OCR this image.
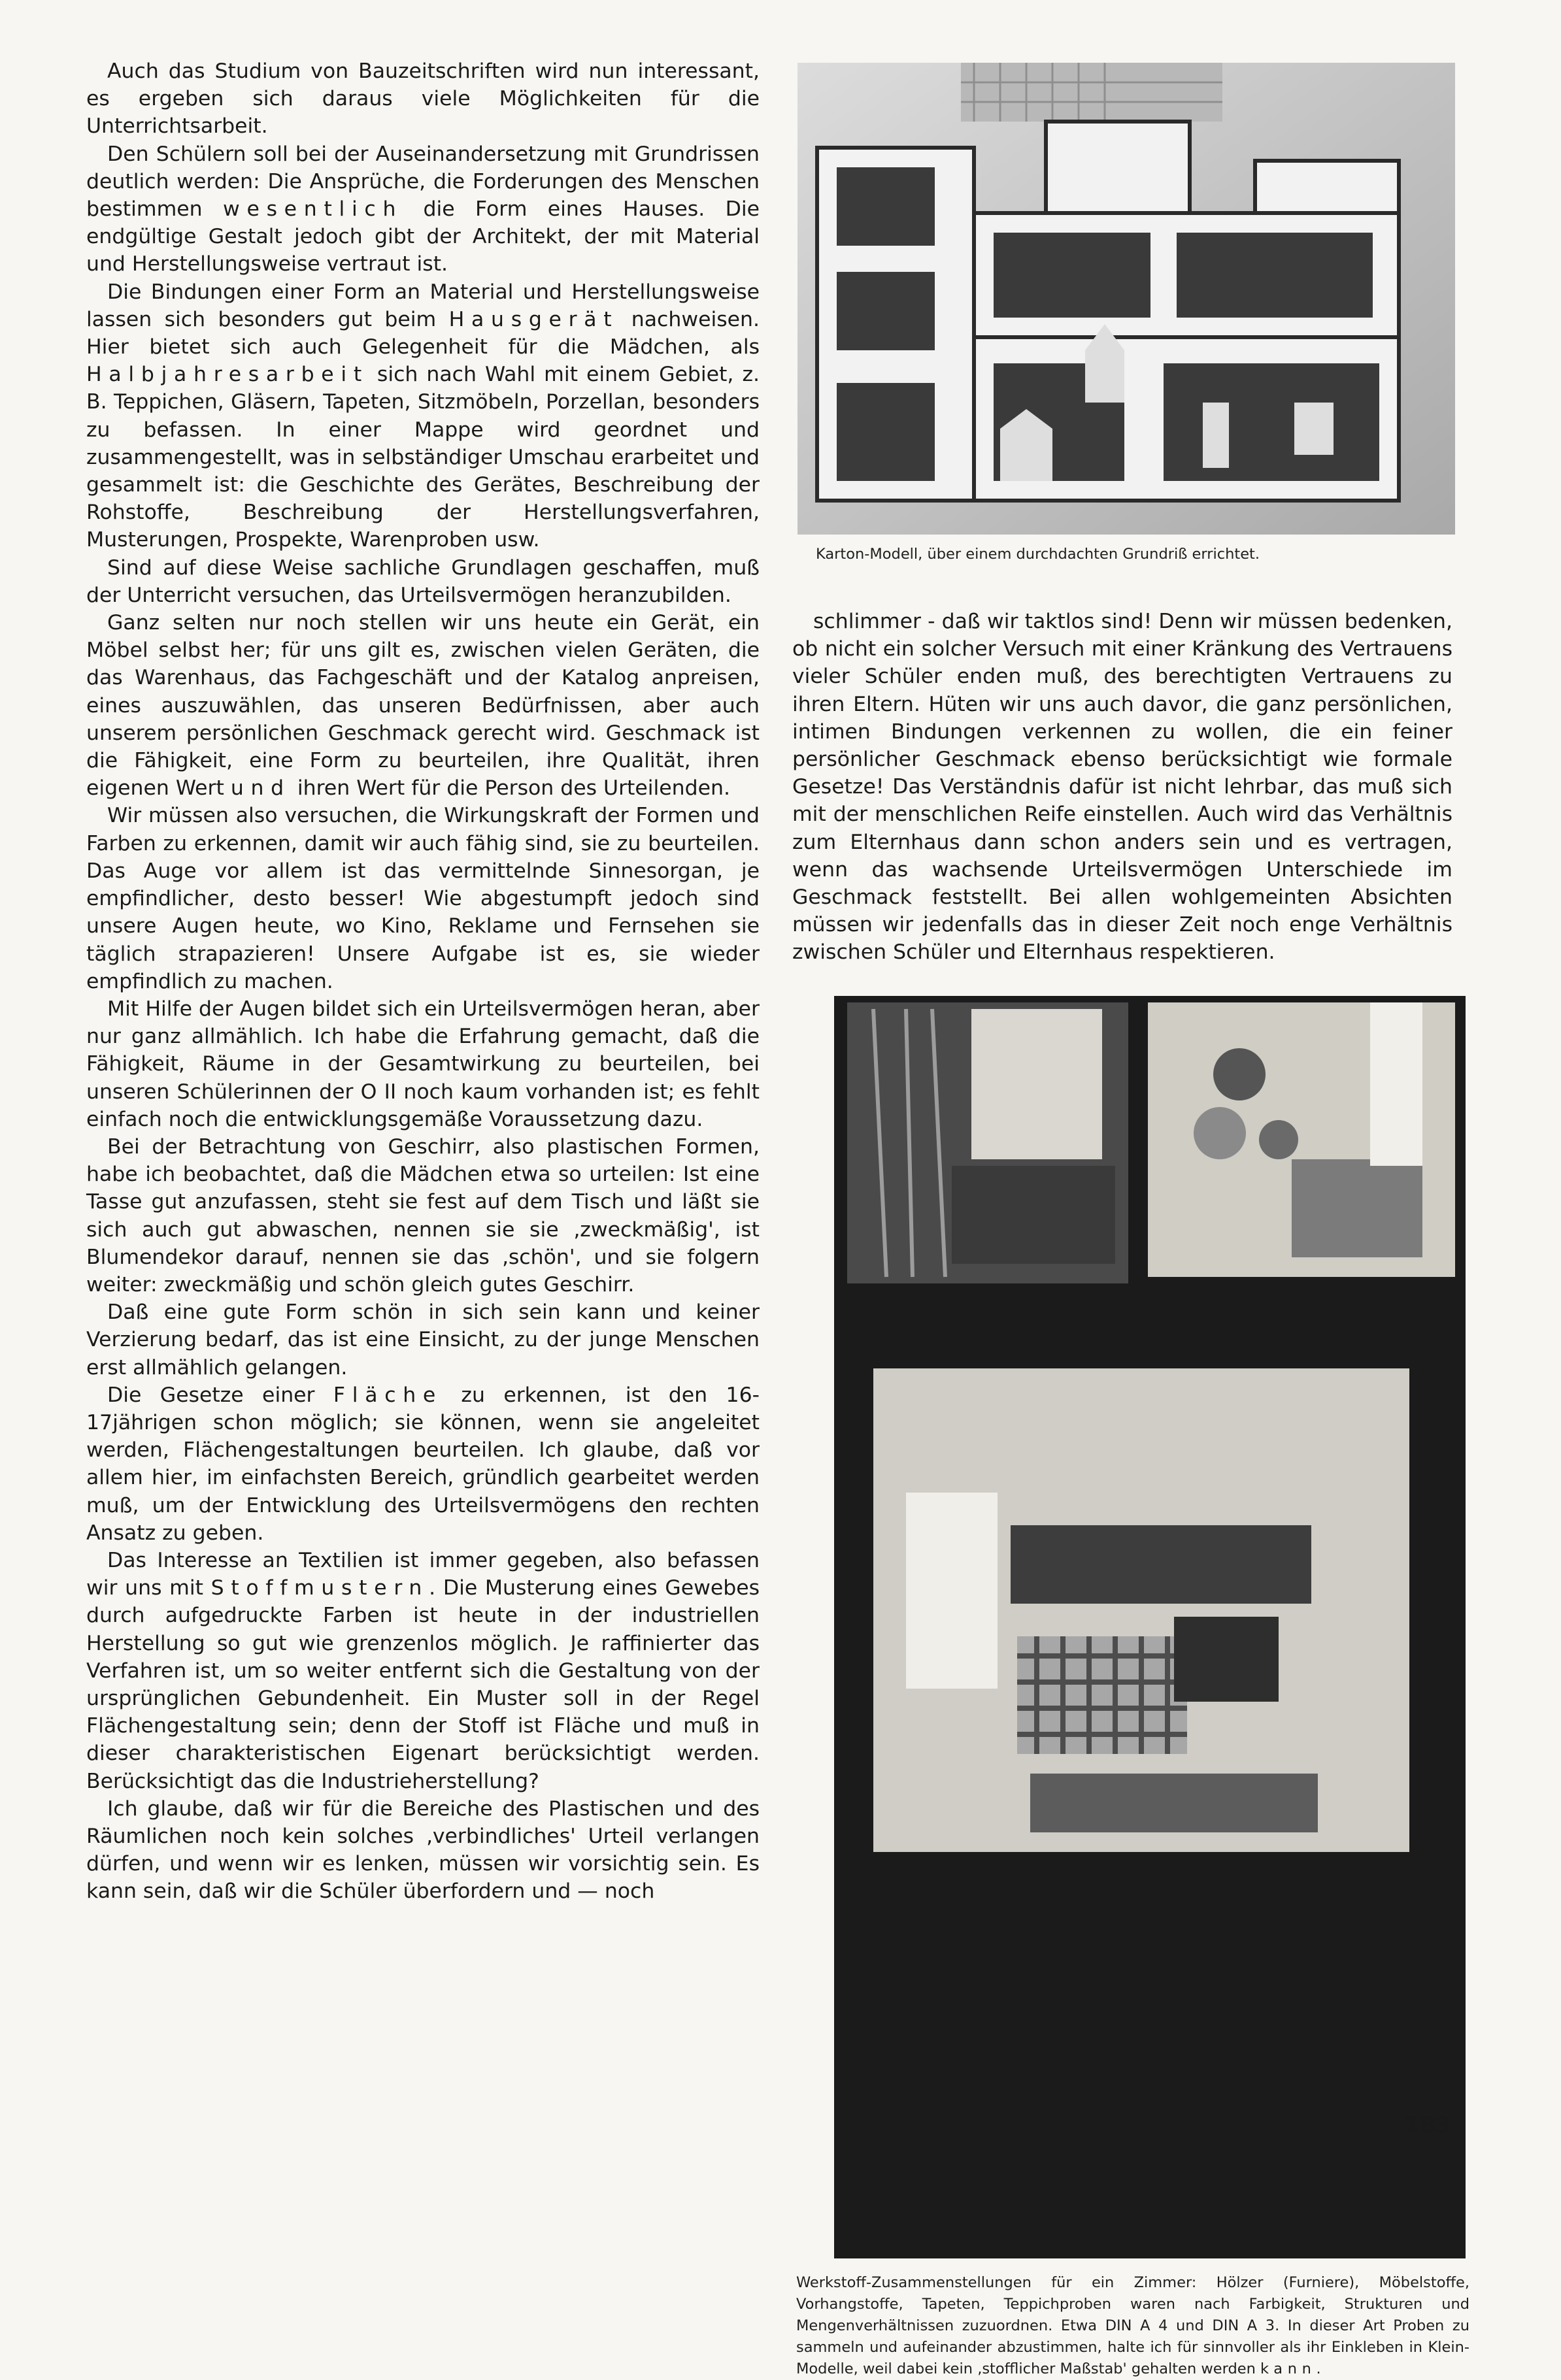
Auch das Studium von Bauzeitschriften wird nun interessant, es ergeben sich daraus viele Möglichkeiten für die Unterrichtsarbeit.

Den Schülern soll bei der Auseinandersetzung mit Grundrissen deutlich werden: Die Ansprüche, die Forderungen des Menschen bestimmen wesentlich die Form eines Hauses. Die endgültige Gestalt jedoch gibt der Architekt, der mit Material und Herstellungsweise vertraut ist.

Die Bindungen einer Form an Material und Herstellungsweise lassen sich besonders gut beim Hausgerät nachweisen. Hier bietet sich auch Gelegenheit für die Mädchen, als Halbjahresarbeit sich nach Wahl mit einem Gebiet, z. B. Teppichen, Gläsern, Tapeten, Sitzmöbeln, Porzellan, besonders zu befassen. In einer Mappe wird geordnet und zusammengestellt, was in selbständiger Umschau erarbeitet und gesammelt ist: die Geschichte des Gerätes, Beschreibung der Rohstoffe, Beschreibung der Herstellungsverfahren, Musterungen, Prospekte, Warenproben usw.

Sind auf diese Weise sachliche Grundlagen geschaffen, muß der Unterricht versuchen, das Urteilsvermögen heranzubilden.

Ganz selten nur noch stellen wir uns heute ein Gerät, ein Möbel selbst her; für uns gilt es, zwischen vielen Geräten, die das Warenhaus, das Fachgeschäft und der Katalog anpreisen, eines auszuwählen, das unseren Bedürfnissen, aber auch unserem persönlichen Geschmack gerecht wird. Geschmack ist die Fähigkeit, eine Form zu beurteilen, ihre Qualität, ihren eigenen Wert und ihren Wert für die Person des Urteilenden.

Wir müssen also versuchen, die Wirkungskraft der Formen und Farben zu erkennen, damit wir auch fähig sind, sie zu beurteilen. Das Auge vor allem ist das vermittelnde Sinnesorgan, je empfindlicher, desto besser! Wie abgestumpft jedoch sind unsere Augen heute, wo Kino, Reklame und Fernsehen sie täglich strapazieren! Unsere Aufgabe ist es, sie wieder empfindlich zu machen.

Mit Hilfe der Augen bildet sich ein Urteilsvermögen heran, aber nur ganz allmählich. Ich habe die Erfahrung gemacht, daß die Fähigkeit, Räume in der Gesamtwirkung zu beurteilen, bei unseren Schülerinnen der O II noch kaum vorhanden ist; es fehlt einfach noch die entwicklungsgemäße Voraussetzung dazu.

Bei der Betrachtung von Geschirr, also plastischen Formen, habe ich beobachtet, daß die Mädchen etwa so urteilen: Ist eine Tasse gut anzufassen, steht sie fest auf dem Tisch und läßt sie sich auch gut abwaschen, nennen sie sie ‚zweckmäßig', ist Blumendekor darauf, nennen sie das ‚schön', und sie folgern weiter: zweckmäßig und schön gleich gutes Geschirr.

Daß eine gute Form schön in sich sein kann und keiner Verzierung bedarf, das ist eine Einsicht, zu der junge Menschen erst allmählich gelangen.

Die Gesetze einer Fläche zu erkennen, ist den 16-17jährigen schon möglich; sie können, wenn sie angeleitet werden, Flächengestaltungen beurteilen. Ich glaube, daß vor allem hier, im einfachsten Bereich, gründlich gearbeitet werden muß, um der Entwicklung des Urteilsvermögens den rechten Ansatz zu geben.

Das Interesse an Textilien ist immer gegeben, also befassen wir uns mit Stoffmustern. Die Musterung eines Gewebes durch aufgedruckte Farben ist heute in der industriellen Herstellung so gut wie grenzenlos möglich. Je raffinierter das Verfahren ist, um so weiter entfernt sich die Gestaltung von der ursprünglichen Gebundenheit. Ein Muster soll in der Regel Flächengestaltung sein; denn der Stoff ist Fläche und muß in dieser charakteristischen Eigenart berücksichtigt werden. Berücksichtigt das die Industrieherstellung?

Ich glaube, daß wir für die Bereiche des Plastischen und des Räumlichen noch kein solches ‚verbindliches' Urteil verlangen dürfen, und wenn wir es lenken, müssen wir vorsichtig sein. Es kann sein, daß wir die Schüler überfordern und — noch

Karton-Modell, über einem durchdachten Grundriß errichtet.

schlimmer - daß wir taktlos sind! Denn wir müssen bedenken, ob nicht ein solcher Versuch mit einer Kränkung des Vertrauens vieler Schüler enden muß, des berechtigten Vertrauens zu ihren Eltern. Hüten wir uns auch davor, die ganz persönlichen, intimen Bindungen verkennen zu wollen, die ein feiner persönlicher Geschmack ebenso berücksichtigt wie formale Gesetze! Das Verständnis dafür ist nicht lehrbar, das muß sich mit der menschlichen Reife einstellen. Auch wird das Verhältnis zum Elternhaus dann schon anders sein und es vertragen, wenn das wachsende Urteilsvermögen Unterschiede im Geschmack feststellt. Bei allen wohlgemeinten Absichten müssen wir jedenfalls das in dieser Zeit noch enge Verhältnis zwischen Schüler und Elternhaus respektieren.

Werkstoff-Zusammenstellungen für ein Zimmer: Hölzer (Furniere), Möbelstoffe, Vorhangstoffe, Tapeten, Teppichproben waren nach Farbigkeit, Strukturen und Mengenverhältnissen zuzuordnen. Etwa DIN A 4 und DIN A 3. In dieser Art Proben zu sammeln und aufeinander abzustimmen, halte ich für sinnvoller als ihr Einkleben in Klein-Modelle, weil dabei kein ‚stofflicher Maßstab' gehalten werden kann.
183
